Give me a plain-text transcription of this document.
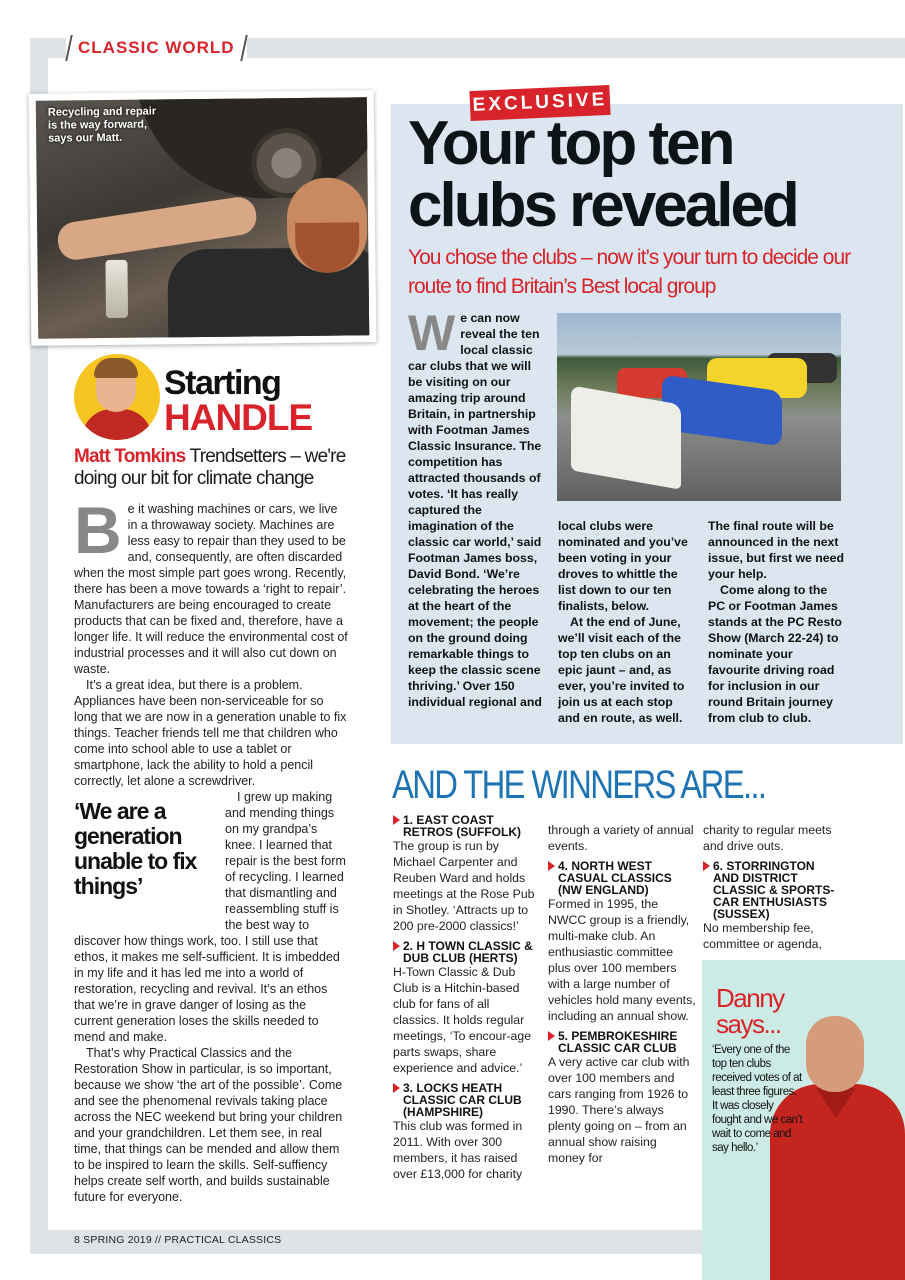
CLASSIC WORLD
Recycling and repair is the way forward, says our Matt.
Starting
HANDLE
Matt Tomkins Trendsetters – we're doing our bit for climate change
B e it washing machines or cars, we live in a throwaway society. Machines are less easy to repair than they used to be and, consequently, are often discarded when the most simple part goes wrong. Recently, there has been a move towards a ‘right to repair’. Manufacturers are being encouraged to create products that can be fixed and, therefore, have a longer life. It will reduce the environmental cost of industrial processes and it will also cut down on waste.

It’s a great idea, but there is a problem. Appliances have been non-serviceable for so long that we are now in a generation unable to fix things. Teacher friends tell me that children who come into school able to use a tablet or smartphone, lack the ability to hold a pencil correctly, let alone a screwdriver.

‘We are a generation unable to fix things’

I grew up making and mending things on my grandpa’s knee. I learned that repair is the best form of recycling. I learned that dismantling and reassembling stuff is the best way to discover how things work, too. I still use that ethos, it makes me self-sufficient. It is imbedded in my life and it has led me into a world of restoration, recycling and revival. It’s an ethos that we’re in grave danger of losing as the current generation loses the skills needed to mend and make.

That’s why Practical Classics and the Restoration Show in particular, is so important, because we show ‘the art of the possible’. Come and see the phenomenal revivals taking place across the NEC weekend but bring your children and your grandchildren. Let them see, in real time, that things can be mended and allow them to be inspired to learn the skills. Self-suffiency helps create self worth, and builds sustainable future for everyone.

EXCLUSIVE
Your top ten clubs revealed
You chose the clubs – now it’s your turn to decide our route to find Britain’s Best local group
W e can now reveal the ten local classic car clubs that we will be visiting on our amazing trip around Britain, in partnership with Footman James Classic Insurance. The competition has attracted thousands of votes. ‘It has really captured the imagination of the classic car world,’ said Footman James boss, David Bond. ‘We’re celebrating the heroes at the heart of the movement; the people on the ground doing remarkable things to keep the classic scene thriving.’ Over 150 individual regional and

local clubs were nominated and you’ve been voting in your droves to whittle the list down to our ten finalists, below.

At the end of June, we’ll visit each of the top ten clubs on an epic jaunt – and, as ever, you’re invited to join us at each stop and en route, as well.

The final route will be announced in the next issue, but first we need your help.

Come along to the PC or Footman James stands at the PC Resto Show (March 22-24) to nominate your favourite driving road for inclusion in our round Britain journey from club to club.

AND THE WINNERS ARE...
1. EAST COAST RETROS (SUFFOLK)

The group is run by Michael Carpenter and Reuben Ward and holds meetings at the Rose Pub in Shotley. ‘Attracts up to 200 pre-2000 classics!’

2. H TOWN CLASSIC & DUB CLUB (HERTS)

H-Town Classic & Dub Club is a Hitchin-based club for fans of all classics. It holds regular meetings, ‘To encour-age parts swaps, share experience and advice.’

3. LOCKS HEATH CLASSIC CAR CLUB (HAMPSHIRE)

This club was formed in 2011. With over 300 members, it has raised over £13,000 for charity

through a variety of annual events.

4. NORTH WEST CASUAL CLASSICS (NW ENGLAND)

Formed in 1995, the NWCC group is a friendly, multi-make club. An enthusiastic committee plus over 100 members with a large number of vehicles hold many events, including an annual show.

5. PEMBROKESHIRE CLASSIC CAR CLUB

A very active car club with over 100 members and cars ranging from 1926 to 1990. There’s always plenty going on – from an annual show raising money for

charity to regular meets and drive outs.

6. STORRINGTON AND DISTRICT CLASSIC & SPORTS-CAR ENTHUSIASTS (SUSSEX)

No membership fee, committee or agenda,

Danny
says...
‘Every one of the top ten clubs received votes of at least three figures. It was closely fought and we can’t wait to come and say hello.’
8 SPRING 2019 // PRACTICAL CLASSICS
